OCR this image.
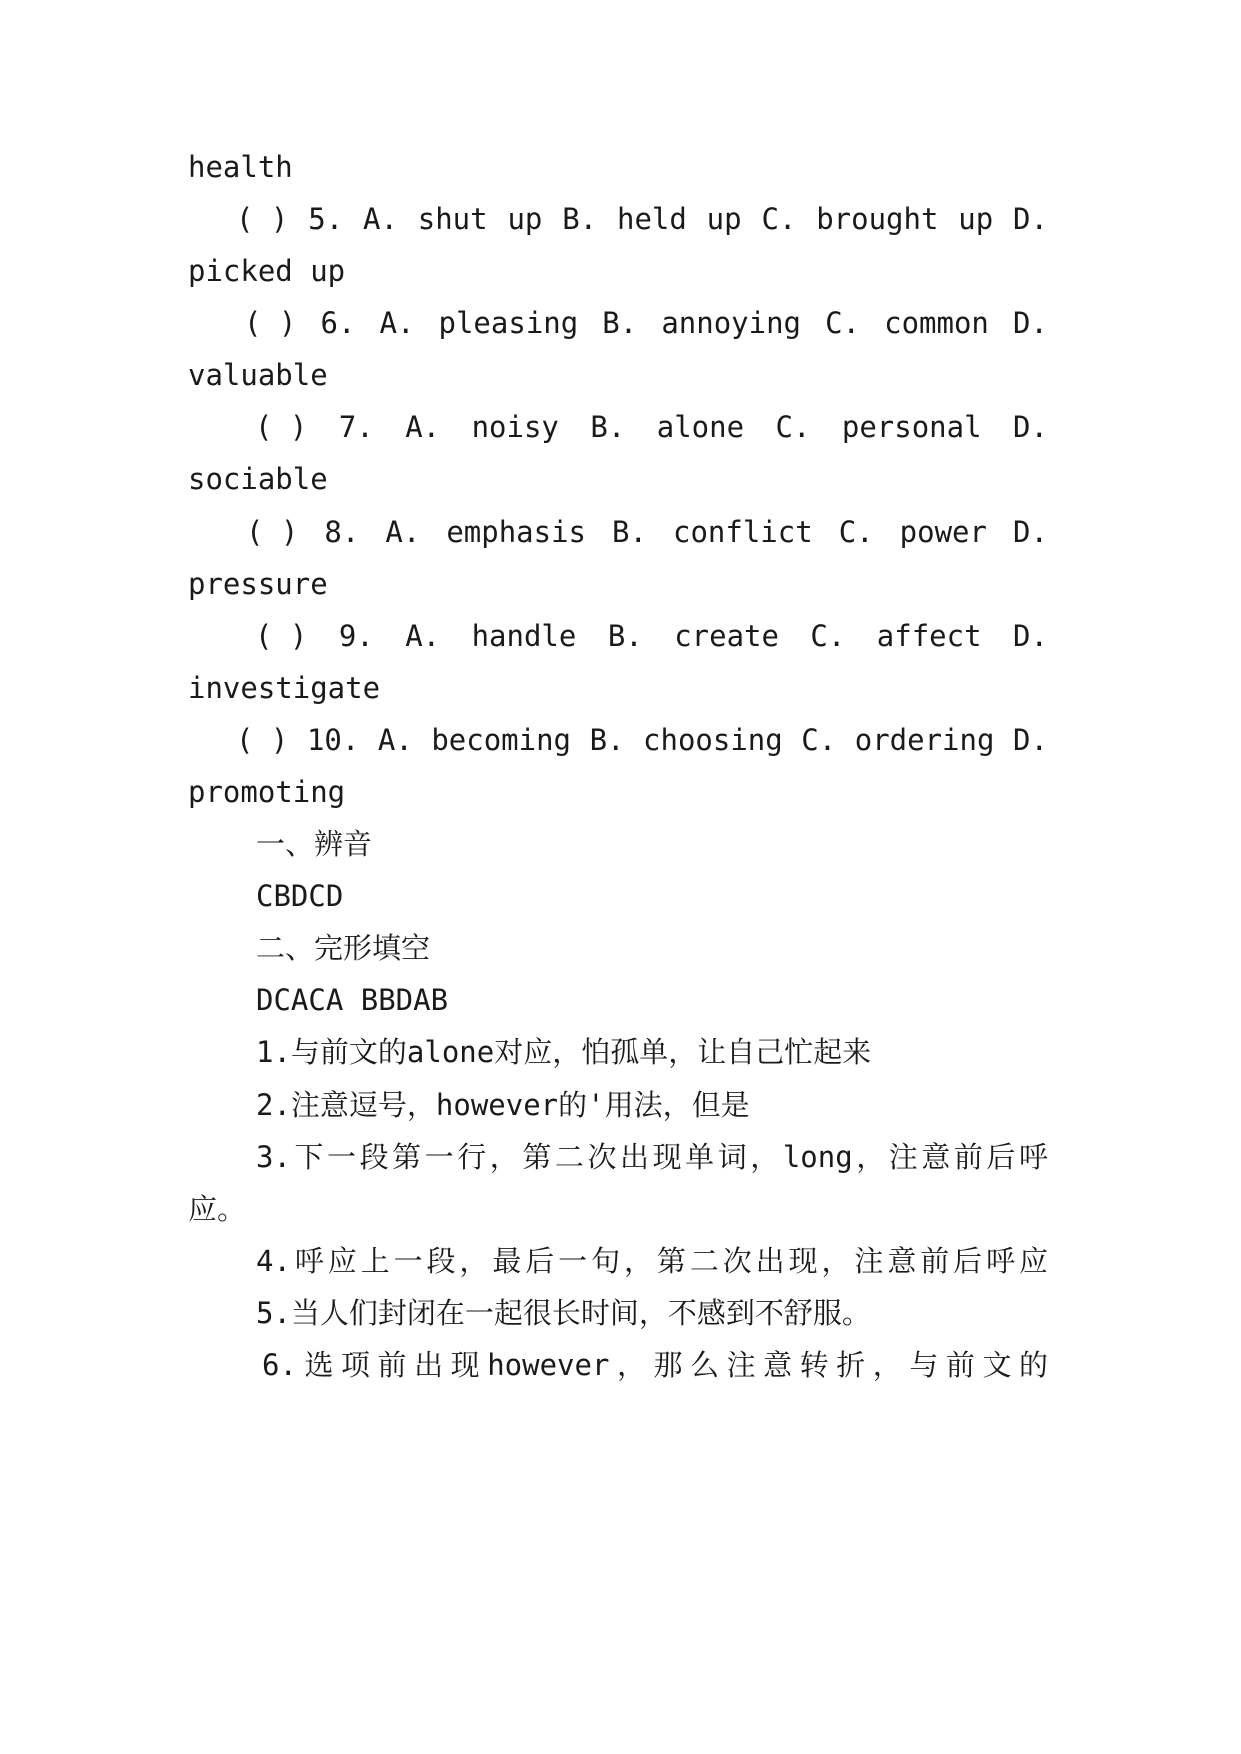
health
( ) 5. A. shut up B. held up C. brought up D.
picked up
( ) 6. A. pleasing B. annoying C. common D.
valuable
( ) 7. A. noisy B. alone C. personal D.
sociable
( ) 8. A. emphasis B. conflict C. power D.
pressure
( ) 9. A. handle B. create C. affect D.
investigate
( ) 10. A. becoming B. choosing C. ordering D.
promoting
一、辨音
CBDCD
二、完形填空
DCACA BBDAB
1.与前文的alone对应，怕孤单，让自己忙起来
2.注意逗号，however的'用法，但是
3.下一段第一行，第二次出现单词，long，注意前后呼
应。
4.呼应上一段，最后一句，第二次出现，注意前后呼应
5.当人们封闭在一起很长时间，不感到不舒服。
6.选项前出现however，那么注意转折，与前文的
